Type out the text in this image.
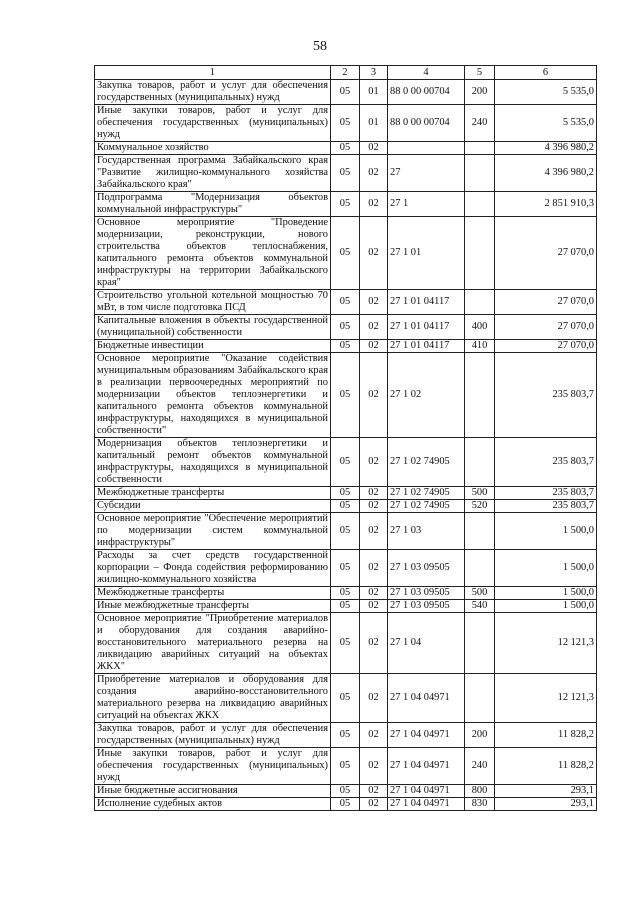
58
1	2	3	4	5	6
Закупка товаров, работ и услуг для обеспечения государственных (муниципальных) нужд	05	01	88 0 00 00704	200	5 535,0
Иные закупки товаров, работ и услуг для обеспечения государственных (муниципальных) нужд	05	01	88 0 00 00704	240	5 535,0
Коммунальное хозяйство	05	02			4 396 980,2
Государственная программа Забайкальского края "Развитие жилищно-коммунального хозяйства Забайкальского края"	05	02	27		4 396 980,2
Подпрограмма "Модернизация объектов коммунальной инфраструктуры"	05	02	27 1		2 851 910,3
Основное мероприятие "Проведение модернизации, реконструкции, нового строительства объектов теплоснабжения, капитального ремонта объектов коммунальной инфраструктуры на территории Забайкальского края"	05	02	27 1 01		27 070,0
Строительство угольной котельной мощностью 70 мВт, в том числе подготовка ПСД	05	02	27 1 01 04117		27 070,0
Капитальные вложения в объекты государственной (муниципальной) собственности	05	02	27 1 01 04117	400	27 070,0
Бюджетные инвестиции	05	02	27 1 01 04117	410	27 070,0
Основное мероприятие "Оказание содействия муниципальным образованиям Забайкальского края в реализации первоочередных мероприятий по модернизации объектов теплоэнергетики и капитального ремонта объектов коммунальной инфраструктуры, находящихся в муниципальной собственности"	05	02	27 1 02		235 803,7
Модернизация объектов теплоэнергетики и капитальный ремонт объектов коммунальной инфраструктуры, находящихся в муниципальной собственности	05	02	27 1 02 74905		235 803,7
Межбюджетные трансферты	05	02	27 1 02 74905	500	235 803,7
Субсидии	05	02	27 1 02 74905	520	235 803,7
Основное мероприятие "Обеспечение мероприятий по модернизации систем коммунальной инфраструктуры"	05	02	27 1 03		1 500,0
Расходы за счет средств государственной корпорации – Фонда содействия реформированию жилищно-коммунального хозяйства	05	02	27 1 03 09505		1 500,0
Межбюджетные трансферты	05	02	27 1 03 09505	500	1 500,0
Иные межбюджетные трансферты	05	02	27 1 03 09505	540	1 500,0
Основное мероприятие "Приобретение материалов и оборудования для создания аварийно-восстановительного материального резерва на ликвидацию аварийных ситуаций на объектах ЖКХ"	05	02	27 1 04		12 121,3
Приобретение материалов и оборудования для создания аварийно-восстановительного материального резерва на ликвидацию аварийных ситуаций на объектах ЖКХ	05	02	27 1 04 04971		12 121,3
Закупка товаров, работ и услуг для обеспечения государственных (муниципальных) нужд	05	02	27 1 04 04971	200	11 828,2
Иные закупки товаров, работ и услуг для обеспечения государственных (муниципальных) нужд	05	02	27 1 04 04971	240	11 828,2
Иные бюджетные ассигнования	05	02	27 1 04 04971	800	293,1
Исполнение судебных актов	05	02	27 1 04 04971	830	293,1
